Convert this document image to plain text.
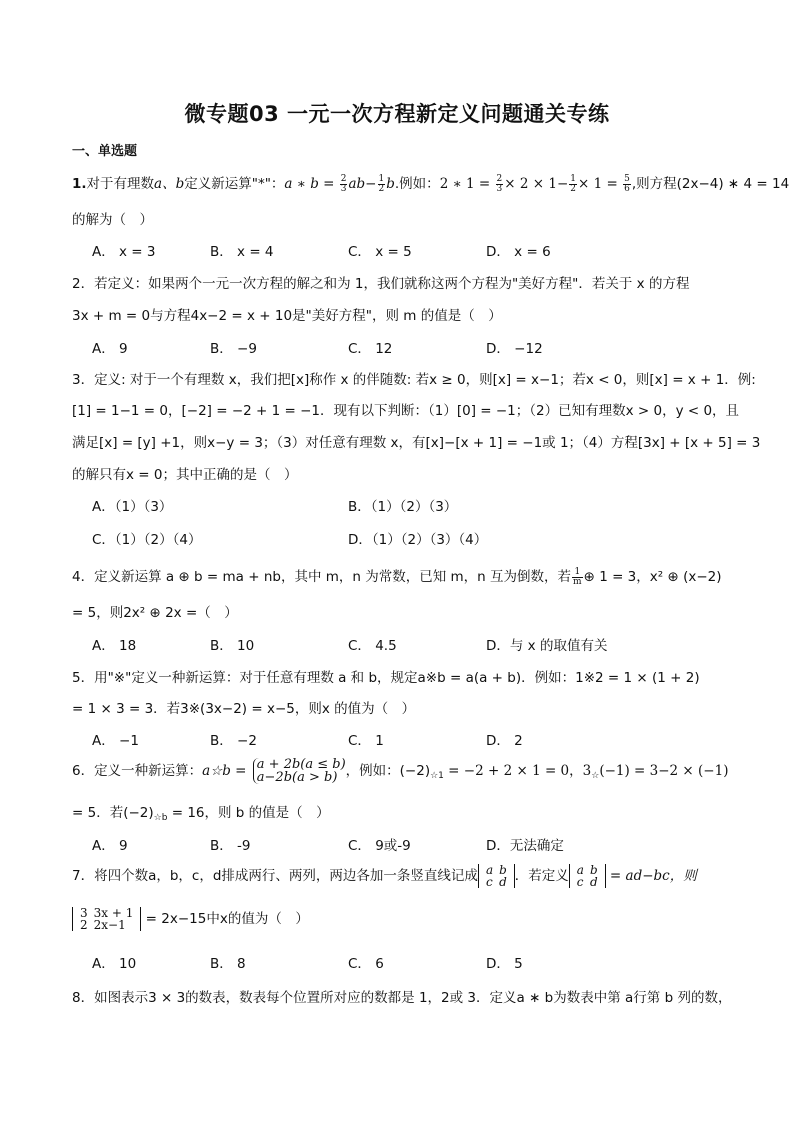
微专题03 一元一次方程新定义问题通关专练
一、单选题
1.对于有理数a、b定义新运算"*"：a ∗ $b = \frac{2}{3} ab- \frac{1}{2} b$.例如：2 ∗ $1 = \frac{2}{3} \times 2 \times 1- \frac{1}{2} \times 1 = \frac{5}{6}$ ,则方程(2x−4) ∗ 4 = 14
的解为（　）
A． x = 3	B． x = 4	C． x = 5	D． x = 6
2．若定义：如果两个一元一次方程的解之和为 1，我们就称这两个方程为"美好方程"．若关于 x 的方程
3x + m = 0与方程4x−2 = x + 10是"美好方程"，则 m 的值是（　）
A． 9	B． −9	C． 12	D． −12
3．定义: 对于一个有理数 x，我们把[x]称作 x 的伴随数: 若x ≥ 0，则[x] = x−1；若x < 0，则[x] = x + 1．例:
[1] = 1−1 = 0，[−2] = −2 + 1 = −1．现有以下判断：（1）[0] = −1；（2）已知有理数x > 0，y < 0，且
满足[x] = [y] +1，则x−y = 3；（3）对任意有理数 x，有[x]−[x + 1] = −1或 1；（4）方程[3x] + [x + 5] = 3
的解只有x = 0；其中正确的是（　）
A．（1）（3）	B．（1）（2）（3）
C．（1）（2）（4）	D．（1）（2）（3）（4）
4．定义新运算 a ⊕ b = ma + nb，其中 m，n 为常数，已知 m，n 互为倒数，若 $\frac{1}{m}$ ⊕ 1 = 3，x² ⊕ (x−2)
= 5，则2x² ⊕ 2x =（　）
A． 18	B． 10	C． 4.5	D．与 x 的取值有关
5．用"※"定义一种新运算：对于任意有理数 a 和 b，规定a※b = a(a + b)．例如：1※2 = 1 × (1 + 2)
= 1 × 3 = 3．若3※(3x−2) = x−5，则x 的值为（　）
A． −1	B． −2	C． 1	D． 2
6．定义一种新运算：a☆b = a + 2b(a ≤ b)
a−2b(a > b) ，例如：$(-2)_{☆1} = -2 + 2 \times 1 = 0$，$3_☆(-1) = 3-2 \times (-1)$
= 5．若$(-2)_{☆b} = 16$，则 b 的值是（　）
A． 9	B． -9	C． 9或-9	D．无法确定
7．将四个数a，b，c，d排成两行、两列，两边各加一条竖直线记成 a	b
c	d ．若定义 a	b
c	d = ad−bc，则
3	3x + 1
2	2x−1 = 2x−15中x的值为（　）
A． 10	B． 8	C． 6	D． 5
8．如图表示3 × 3的数表，数表每个位置所对应的数都是 1，2或 3．定义a ∗ b为数表中第 a行第 b 列的数，
